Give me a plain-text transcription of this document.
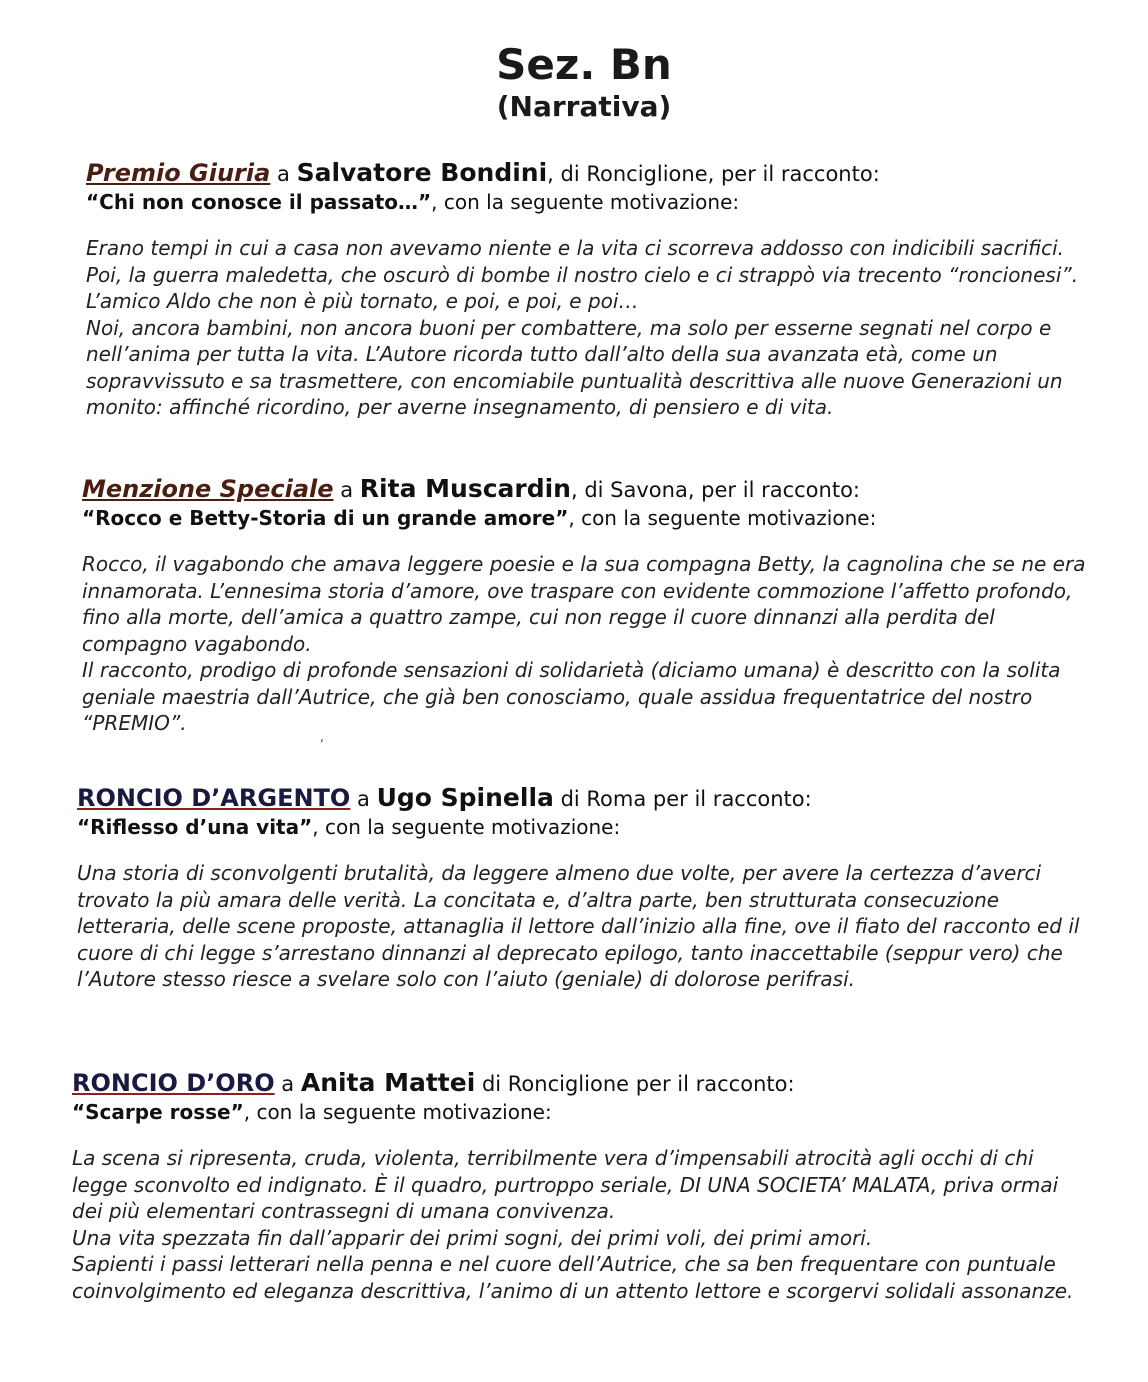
Sez. Bn
(Narrativa)
Premio Giuria a Salvatore Bondini, di Ronciglione, per il racconto:
“Chi non conosce il passato…”, con la seguente motivazione:

Erano tempi in cui a casa non avevamo niente e la vita ci scorreva addosso con indicibili sacrifici. Poi, la guerra maledetta, che oscurò di bombe il nostro cielo e ci strappò via trecento “roncionesi”. L’amico Aldo che non è più tornato, e poi, e poi, e poi…

Noi, ancora bambini, non ancora buoni per combattere, ma solo per esserne segnati nel corpo e nell’anima per tutta la vita. L’Autore ricorda tutto dall’alto della sua avanzata età, come un sopravvissuto e sa trasmettere, con encomiabile puntualità descrittiva alle nuove Generazioni un monito: affinché ricordino, per averne insegnamento, di pensiero e di vita.

Menzione Speciale a Rita Muscardin, di Savona, per il racconto:
“Rocco e Betty-Storia di un grande amore”, con la seguente motivazione:

Rocco, il vagabondo che amava leggere poesie e la sua compagna Betty, la cagnolina che se ne era innamorata. L’ennesima storia d’amore, ove traspare con evidente commozione l’affetto profondo, fino alla morte, dell’amica a quattro zampe, cui non regge il cuore dinnanzi alla perdita del compagno vagabondo.

Il racconto, prodigo di profonde sensazioni di solidarietà (diciamo umana) è descritto con la solita geniale maestria dall’Autrice, che già ben conosciamo, quale assidua frequentatrice del nostro “PREMIO”.

ʻ
RONCIO D’ARGENTO a Ugo Spinella di Roma per il racconto:
“Riflesso d’una vita”, con la seguente motivazione:

Una storia di sconvolgenti brutalità, da leggere almeno due volte, per avere la certezza d’averci trovato la più amara delle verità. La concitata e, d’altra parte, ben strutturata consecuzione letteraria, delle scene proposte, attanaglia il lettore dall’inizio alla fine, ove il fiato del racconto ed il cuore di chi legge s’arrestano dinnanzi al deprecato epilogo, tanto inaccettabile (seppur vero) che l’Autore stesso riesce a svelare solo con l’aiuto (geniale) di dolorose perifrasi.

RONCIO D’ORO a Anita Mattei di Ronciglione per il racconto:
“Scarpe rosse”, con la seguente motivazione:

La scena si ripresenta, cruda, violenta, terribilmente vera d’impensabili atrocità agli occhi di chi legge sconvolto ed indignato. È il quadro, purtroppo seriale, DI UNA SOCIETA’ MALATA, priva ormai dei più elementari contrassegni di umana convivenza.

Una vita spezzata fin dall’apparir dei primi sogni, dei primi voli, dei primi amori.

Sapienti i passi letterari nella penna e nel cuore dell’Autrice, che sa ben frequentare con puntuale coinvolgimento ed eleganza descrittiva, l’animo di un attento lettore e scorgervi solidali assonanze.
